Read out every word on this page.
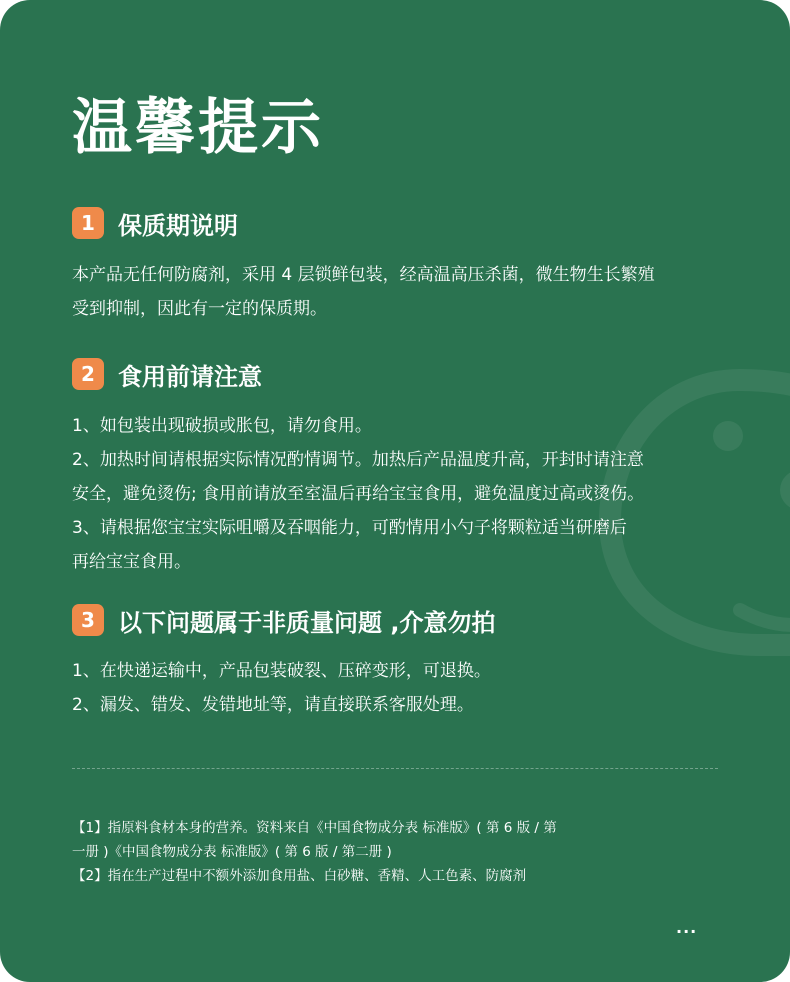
温馨提示
1 保质期说明
本产品无任何防腐剂，采用 4 层锁鲜包装，经高温高压杀菌，微生物生长繁殖
受到抑制，因此有一定的保质期。
2 食用前请注意
1、如包装出现破损或胀包，请勿食用。
2、加热时间请根据实际情况酌情调节。加热后产品温度升高，开封时请注意
安全，避免烫伤; 食用前请放至室温后再给宝宝食用，避免温度过高或烫伤。
3、请根据您宝宝实际咀嚼及吞咽能力，可酌情用小勺子将颗粒适当研磨后
再给宝宝食用。
3 以下问题属于非质量问题 ,介意勿拍
1、在快递运输中，产品包装破裂、压碎变形，可退换。
2、漏发、错发、发错地址等，请直接联系客服处理。
【1】指原料食材本身的营养。资料来自《中国食物成分表 标准版》( 第 6 版 / 第
一册 )《中国食物成分表 标准版》( 第 6 版 / 第二册 )
【2】指在生产过程中不额外添加食用盐、白砂糖、香精、人工色素、防腐剂
···
